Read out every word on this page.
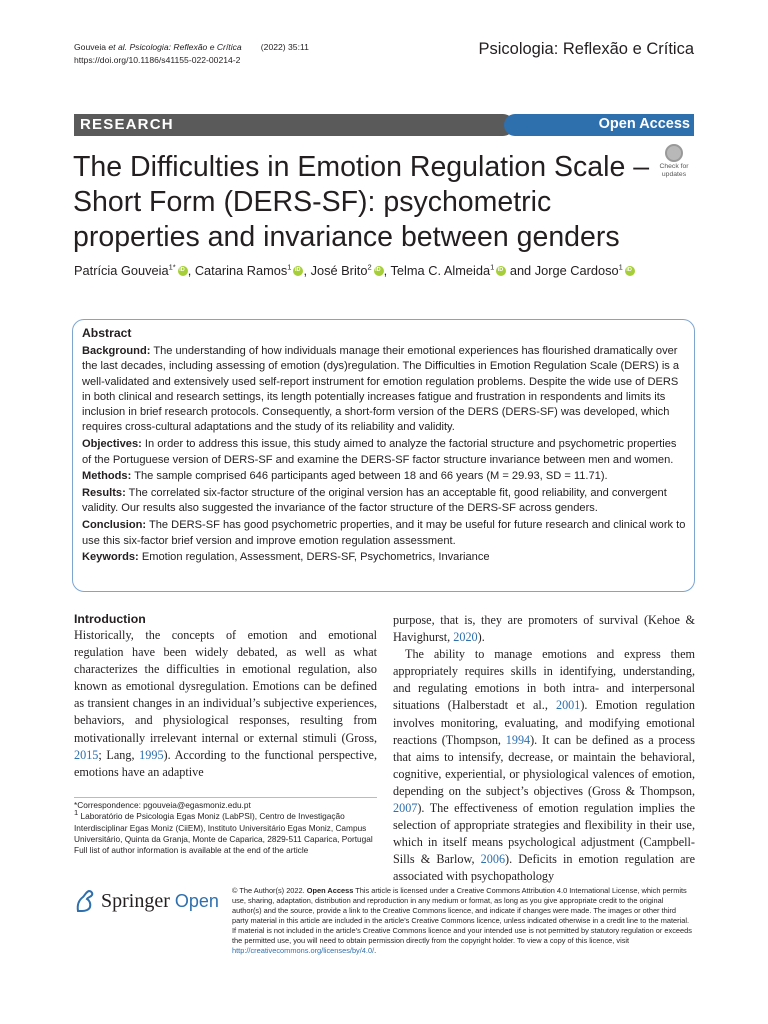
Gouveia et al. Psicologia: Reflexão e Crítica (2022) 35:11
https://doi.org/10.1186/s41155-022-00214-2
Psicologia: Reflexão e Crítica
RESEARCH	Open Access
The Difficulties in Emotion Regulation Scale – Short Form (DERS-SF): psychometric properties and invariance between genders
Check for
updates
Patrícia Gouveia$^{1*}$ iD , Catarina Ramos$^1$ iD , José Brito$^2$ iD , Telma C. Almeida$^1$iD and Jorge Cardoso$^1$iD
Abstract

Background: The understanding of how individuals manage their emotional experiences has flourished dramatically over the last decades, including assessing of emotion (dys)regulation. The Difficulties in Emotion Regulation Scale (DERS) is a well-validated and extensively used self-report instrument for emotion regulation problems. Despite the wide use of DERS in both clinical and research settings, its length potentially increases fatigue and frustration in respondents and limits its inclusion in brief research protocols. Consequently, a short-form version of the DERS (DERS-SF) was developed, which requires cross-cultural adaptations and the study of its reliability and validity.

Objectives: In order to address this issue, this study aimed to analyze the factorial structure and psychometric properties of the Portuguese version of DERS-SF and examine the DERS-SF factor structure invariance between men and women.

Methods: The sample comprised 646 participants aged between 18 and 66 years (M = 29.93, SD = 11.71).

Results: The correlated six-factor structure of the original version has an acceptable fit, good reliability, and convergent validity. Our results also suggested the invariance of the factor structure of the DERS-SF across genders.

Conclusion: The DERS-SF has good psychometric properties, and it may be useful for future research and clinical work to use this six-factor brief version and improve emotion regulation assessment.

Keywords: Emotion regulation, Assessment, DERS-SF, Psychometrics, Invariance

Introduction

Historically, the concepts of emotion and emotional regulation have been widely debated, as well as what characterizes the difficulties in emotional regulation, also known as emotional dysregulation. Emotions can be defined as transient changes in an individual’s subjective experiences, behaviors, and physiological responses, resulting from motivationally irrelevant internal or external stimuli (Gross, 2015; Lang, 1995). According to the functional perspective, emotions have an adaptive

purpose, that is, they are promoters of survival (Kehoe & Havighurst, 2020).

The ability to manage emotions and express them appropriately requires skills in identifying, understanding, and regulating emotions in both intra- and interpersonal situations (Halberstadt et al., 2001). Emotion regulation involves monitoring, evaluating, and modifying emotional reactions (Thompson, 1994). It can be defined as a process that aims to intensify, decrease, or maintain the behavioral, cognitive, experiential, or physiological valences of emotion, depending on the subject’s objectives (Gross & Thompson, 2007). The effectiveness of emotion regulation implies the selection of appropriate strategies and flexibility in their use, which in itself means psychological adjustment (Campbell-Sills & Barlow, 2006). Deficits in emotion regulation are associated with psychopathology

*Correspondence: pgouveia@egasmoniz.edu.pt
$^1$ Laboratório de Psicologia Egas Moniz (LabPSI), Centro de Investigação Interdisciplinar Egas Moniz (CiiEM), Instituto Universitário Egas Moniz, Campus Universitário, Quinta da Granja, Monte de Caparica, 2829-511 Caparica, Portugal
Full list of author information is available at the end of the article
Springer Open
© The Author(s) 2022. Open Access This article is licensed under a Creative Commons Attribution 4.0 International License, which permits use, sharing, adaptation, distribution and reproduction in any medium or format, as long as you give appropriate credit to the original author(s) and the source, provide a link to the Creative Commons licence, and indicate if changes were made. The images or other third party material in this article are included in the article’s Creative Commons licence, unless indicated otherwise in a credit line to the material. If material is not included in the article’s Creative Commons licence and your intended use is not permitted by statutory regulation or exceeds the permitted use, you will need to obtain permission directly from the copyright holder. To view a copy of this licence, visit http://creativecommons.org/licenses/by/4.0/.
